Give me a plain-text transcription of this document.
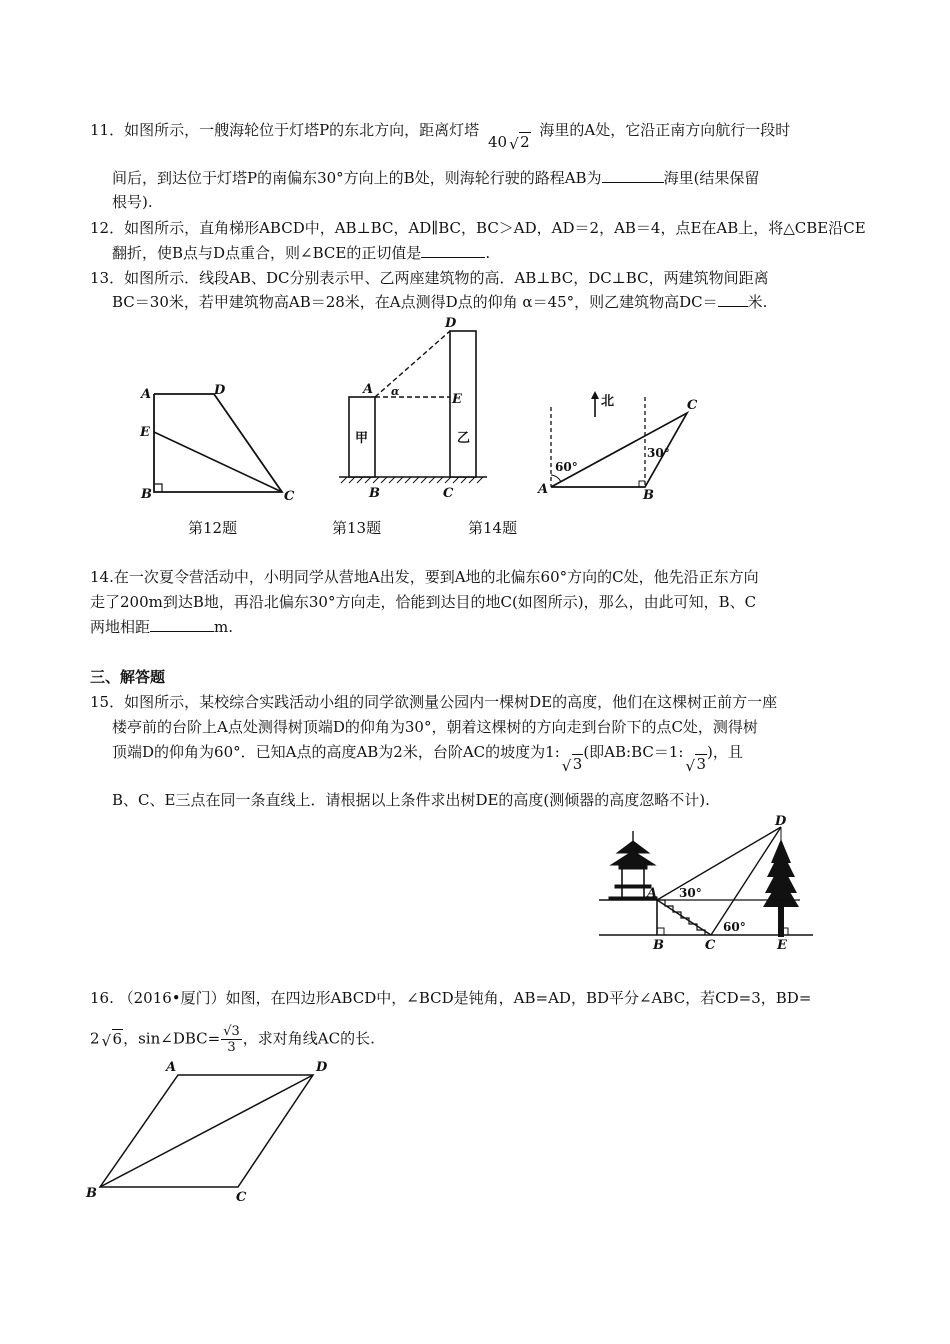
11．如图所示，一艘海轮位于灯塔P的东北方向，距离灯塔 40 √ 2 海里的A处，它沿正南方向航行一段时
间后，到达位于灯塔P的南偏东30°方向上的B处，则海轮行驶的路程AB为	海里(结果保留
根号).
12．如图所示，直角梯形ABCD中，AB⊥BC，AD∥BC，BC＞AD，AD＝2，AB＝4，点E在AB上，将△CBE沿CE
翻折，使B点与D点重合，则∠BCE的正切值是	.
13．如图所示．线段AB、DC分别表示甲、乙两座建筑物的高．AB⊥BC，DC⊥BC，两建筑物间距离
BC＝30米，若甲建筑物高AB＝28米，在A点测得D点的仰角 α＝45°，则乙建筑物高DC＝ 米.
A	D
E
B	C
D
A α
E
甲	乙
B	C
北	C
30°
60°
A	B
第12题	第13题	第14题
14.在一次夏令营活动中，小明同学从营地A出发，要到A地的北偏东60°方向的C处，他先沿正东方向
走了200m到达B地，再沿北偏东30°方向走，恰能到达目的地C(如图所示)，那么，由此可知，B、C
两地相距	m.
三、解答题
15．如图所示，某校综合实践活动小组的同学欲测量公园内一棵树DE的高度，他们在这棵树正前方一座
楼亭前的台阶上A点处测得树顶端D的仰角为30°，朝着这棵树的方向走到台阶下的点C处，测得树
顶端D的仰角为60°．已知A点的高度AB为2米，台阶AC的坡度为1:
√ 3(即AB:BC＝1:
√ 3)，且
B、C、E三点在同一条直线上．请根据以上条件求出树DE的高度(测倾器的高度忽略不计).
D
A 30°
60°
B	C	E
16. （2016•厦门）如图，在四边形ABCD中，∠BCD是钝角，AB=AD，BD平分∠ABC，若CD=3，BD=
2 √ 6，sin∠DBC= $\frac{√3}{3}$ ，求对角线AC的长.
A	D
B	C
